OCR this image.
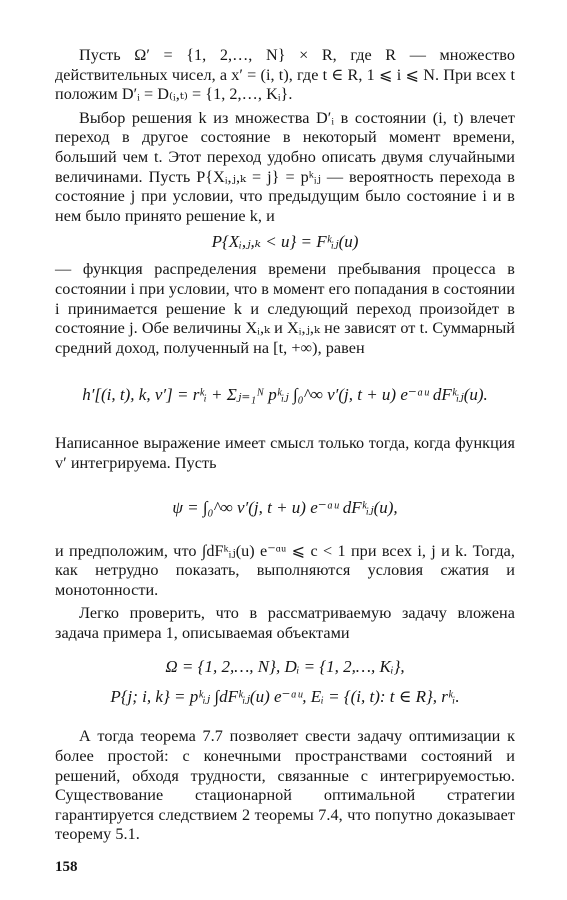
Пусть Ω′ = {1, 2,…, N} × R, где R — множество действительных чисел, а x′ = (i, t), где t ∈ R, 1 ⩽ i ⩽ N. При всех t положим D′ᵢ = D₍ᵢ,ₜ₎ = {1, 2,…, Kᵢ}.

Выбор решения k из множества D′ᵢ в состоянии (i, t) влечет переход в другое состояние в некоторый момент времени, больший чем t. Этот переход удобно описать двумя случайными величинами. Пусть P{Xᵢ,ⱼ,ₖ = j} = pᵏᵢⱼ — вероятность перехода в состояние j при условии, что предыдущим было состояние i и в нем было принято решение k, и

P{Xᵢ,ⱼ,ₖ < u} = Fᵏᵢⱼ(u)

— функция распределения времени пребывания процесса в состоянии i при условии, что в момент его попадания в состоянии i принимается решение k и следующий переход произойдет в состояние j. Обе величины Xᵢ,ₖ и Xᵢ,ⱼ,ₖ не зависят от t. Суммарный средний доход, полученный на [t, +∞), равен

h′[(i, t), k, v′] = rᵏᵢ + Σⱼ₌₁ᴺ pᵏᵢⱼ ∫₀^∞ v′(j, t + u) e⁻ᵅᵘ dFᵏᵢⱼ(u).

Написанное выражение имеет смысл только тогда, когда функция v′ интегрируема. Пусть

ψ = ∫₀^∞ v′(j, t + u) e⁻ᵅᵘ dFᵏᵢⱼ(u),

и предположим, что ∫dFᵏᵢⱼ(u) e⁻ᵅᵘ ⩽ c < 1 при всех i, j и k. Тогда, как нетрудно показать, выполняются условия сжатия и монотонности.

Легко проверить, что в рассматриваемую задачу вложена задача примера 1, описываемая объектами

Ω = {1, 2,…, N}, Dᵢ = {1, 2,…, Kᵢ},

P{j; i, k} = pᵏᵢⱼ ∫dFᵏᵢⱼ(u) e⁻ᵅᵘ, Eᵢ = {(i, t): t ∈ R}, rᵏᵢ.

А тогда теорема 7.7 позволяет свести задачу оптимизации к более простой: с конечными пространствами состояний и решений, обходя трудности, связанные с интегрируемостью. Существование стационарной оптимальной стратегии гарантируется следствием 2 теоремы 7.4, что попутно доказывает теорему 5.1.

158
